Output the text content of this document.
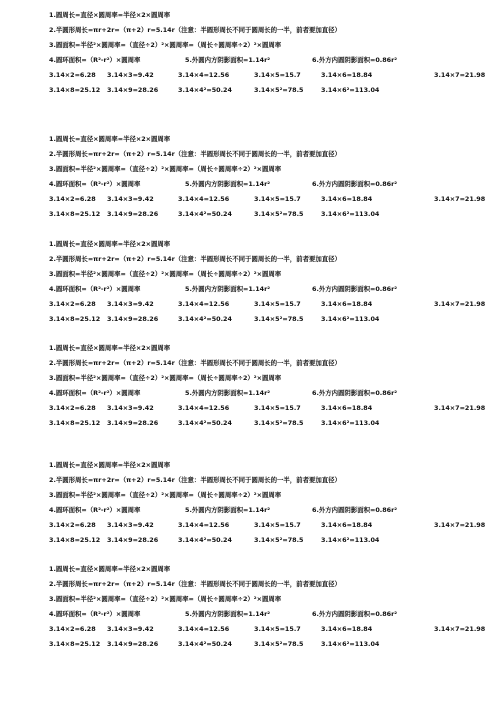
1.圆周长=直径×圆周率=半径×2×圆周率
2.半圆形周长=πr+2r=（π+2）r=5.14r（注意：半圆形周长不同于圆周长的一半，前者要加直径）
3.圆面积=半径²×圆周率=（直径÷2）²×圆周率=（周长÷圆周率÷2）²×圆周率
4.圆环面积=（R²-r²）×圆周率	5.外圆内方阴影面积=1.14r²	6.外方内圆阴影面积=0.86r²
3.14×2=6.28 3.14×3=9.42	3.14×4=12.56	3.14×5=15.7	3.14×6=18.84	3.14×7=21.98
3.14×8=25.12 3.14×9=28.26	3.14×4²=50.24	3.14×5²=78.5	3.14×6²=113.04
1.圆周长=直径×圆周率=半径×2×圆周率
2.半圆形周长=πr+2r=（π+2）r=5.14r（注意：半圆形周长不同于圆周长的一半，前者要加直径）
3.圆面积=半径²×圆周率=（直径÷2）²×圆周率=（周长÷圆周率÷2）²×圆周率
4.圆环面积=（R²-r²）×圆周率	5.外圆内方阴影面积=1.14r²	6.外方内圆阴影面积=0.86r²
3.14×2=6.28 3.14×3=9.42	3.14×4=12.56	3.14×5=15.7	3.14×6=18.84	3.14×7=21.98
3.14×8=25.12 3.14×9=28.26	3.14×4²=50.24	3.14×5²=78.5	3.14×6²=113.04
1.圆周长=直径×圆周率=半径×2×圆周率
2.半圆形周长=πr+2r=（π+2）r=5.14r（注意：半圆形周长不同于圆周长的一半，前者要加直径）
3.圆面积=半径²×圆周率=（直径÷2）²×圆周率=（周长÷圆周率÷2）²×圆周率
4.圆环面积=（R²-r²）×圆周率	5.外圆内方阴影面积=1.14r²	6.外方内圆阴影面积=0.86r²
3.14×2=6.28 3.14×3=9.42	3.14×4=12.56	3.14×5=15.7	3.14×6=18.84	3.14×7=21.98
3.14×8=25.12 3.14×9=28.26	3.14×4²=50.24	3.14×5²=78.5	3.14×6²=113.04
1.圆周长=直径×圆周率=半径×2×圆周率
2.半圆形周长=πr+2r=（π+2）r=5.14r（注意：半圆形周长不同于圆周长的一半，前者要加直径）
3.圆面积=半径²×圆周率=（直径÷2）²×圆周率=（周长÷圆周率÷2）²×圆周率
4.圆环面积=（R²-r²）×圆周率	5.外圆内方阴影面积=1.14r²	6.外方内圆阴影面积=0.86r²
3.14×2=6.28 3.14×3=9.42	3.14×4=12.56	3.14×5=15.7	3.14×6=18.84	3.14×7=21.98
3.14×8=25.12 3.14×9=28.26	3.14×4²=50.24	3.14×5²=78.5	3.14×6²=113.04
1.圆周长=直径×圆周率=半径×2×圆周率
2.半圆形周长=πr+2r=（π+2）r=5.14r（注意：半圆形周长不同于圆周长的一半，前者要加直径）
3.圆面积=半径²×圆周率=（直径÷2）²×圆周率=（周长÷圆周率÷2）²×圆周率
4.圆环面积=（R²-r²）×圆周率	5.外圆内方阴影面积=1.14r²	6.外方内圆阴影面积=0.86r²
3.14×2=6.28 3.14×3=9.42	3.14×4=12.56	3.14×5=15.7	3.14×6=18.84	3.14×7=21.98
3.14×8=25.12 3.14×9=28.26	3.14×4²=50.24	3.14×5²=78.5	3.14×6²=113.04
1.圆周长=直径×圆周率=半径×2×圆周率
2.半圆形周长=πr+2r=（π+2）r=5.14r（注意：半圆形周长不同于圆周长的一半，前者要加直径）
3.圆面积=半径²×圆周率=（直径÷2）²×圆周率=（周长÷圆周率÷2）²×圆周率
4.圆环面积=（R²-r²）×圆周率	5.外圆内方阴影面积=1.14r²	6.外方内圆阴影面积=0.86r²
3.14×2=6.28 3.14×3=9.42	3.14×4=12.56	3.14×5=15.7	3.14×6=18.84	3.14×7=21.98
3.14×8=25.12 3.14×9=28.26	3.14×4²=50.24	3.14×5²=78.5	3.14×6²=113.04
